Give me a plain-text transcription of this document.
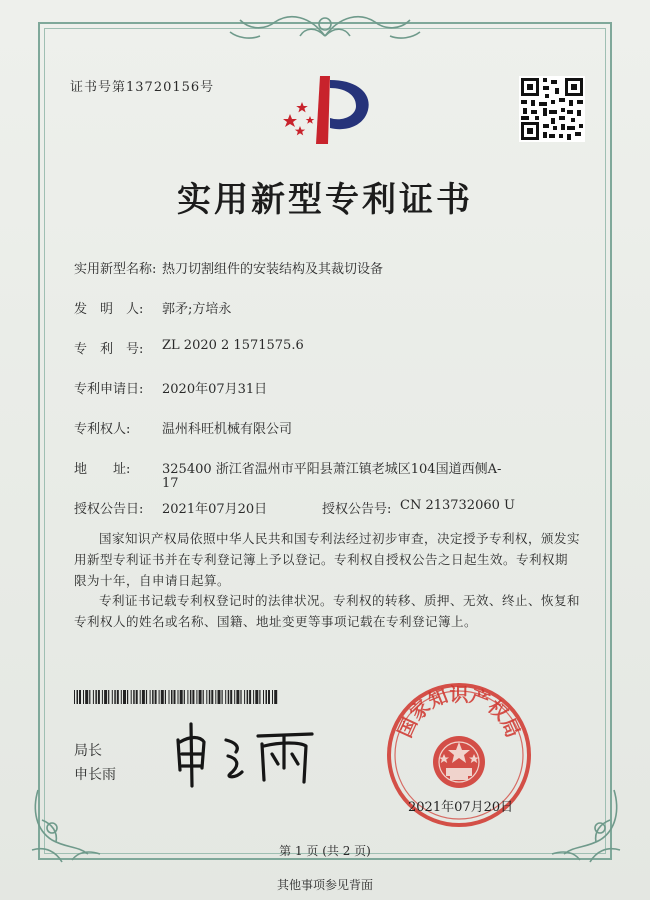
证书号第13720156号
实用新型专利证书
实用新型名称: 热刀切割组件的安装结构及其裁切设备
发　明　人: 郭矛;方培永
专　利　号: ZL 2020 2 1571575.6
专利申请日: 2020年07月31日
专利权人: 温州科旺机械有限公司
地　　址: 325400 浙江省温州市平阳县萧江镇老城区104国道西侧A-
17
授权公告日: 2021年07月20日	授权公告号: CN 213732060 U
国家知识产权局依照中华人民共和国专利法经过初步审查，决定授予专利权，颁发实用新型专利证书并在专利登记簿上予以登记。专利权自授权公告之日起生效。专利权期限为十年，自申请日起算。
专利证书记载专利权登记时的法律状况。专利权的转移、质押、无效、终止、恢复和专利权人的姓名或名称、国籍、地址变更等事项记载在专利登记簿上。
局长
申长雨
国家知识产权局
2021年07月20日
第 1 页 (共 2 页)
其他事项参见背面
